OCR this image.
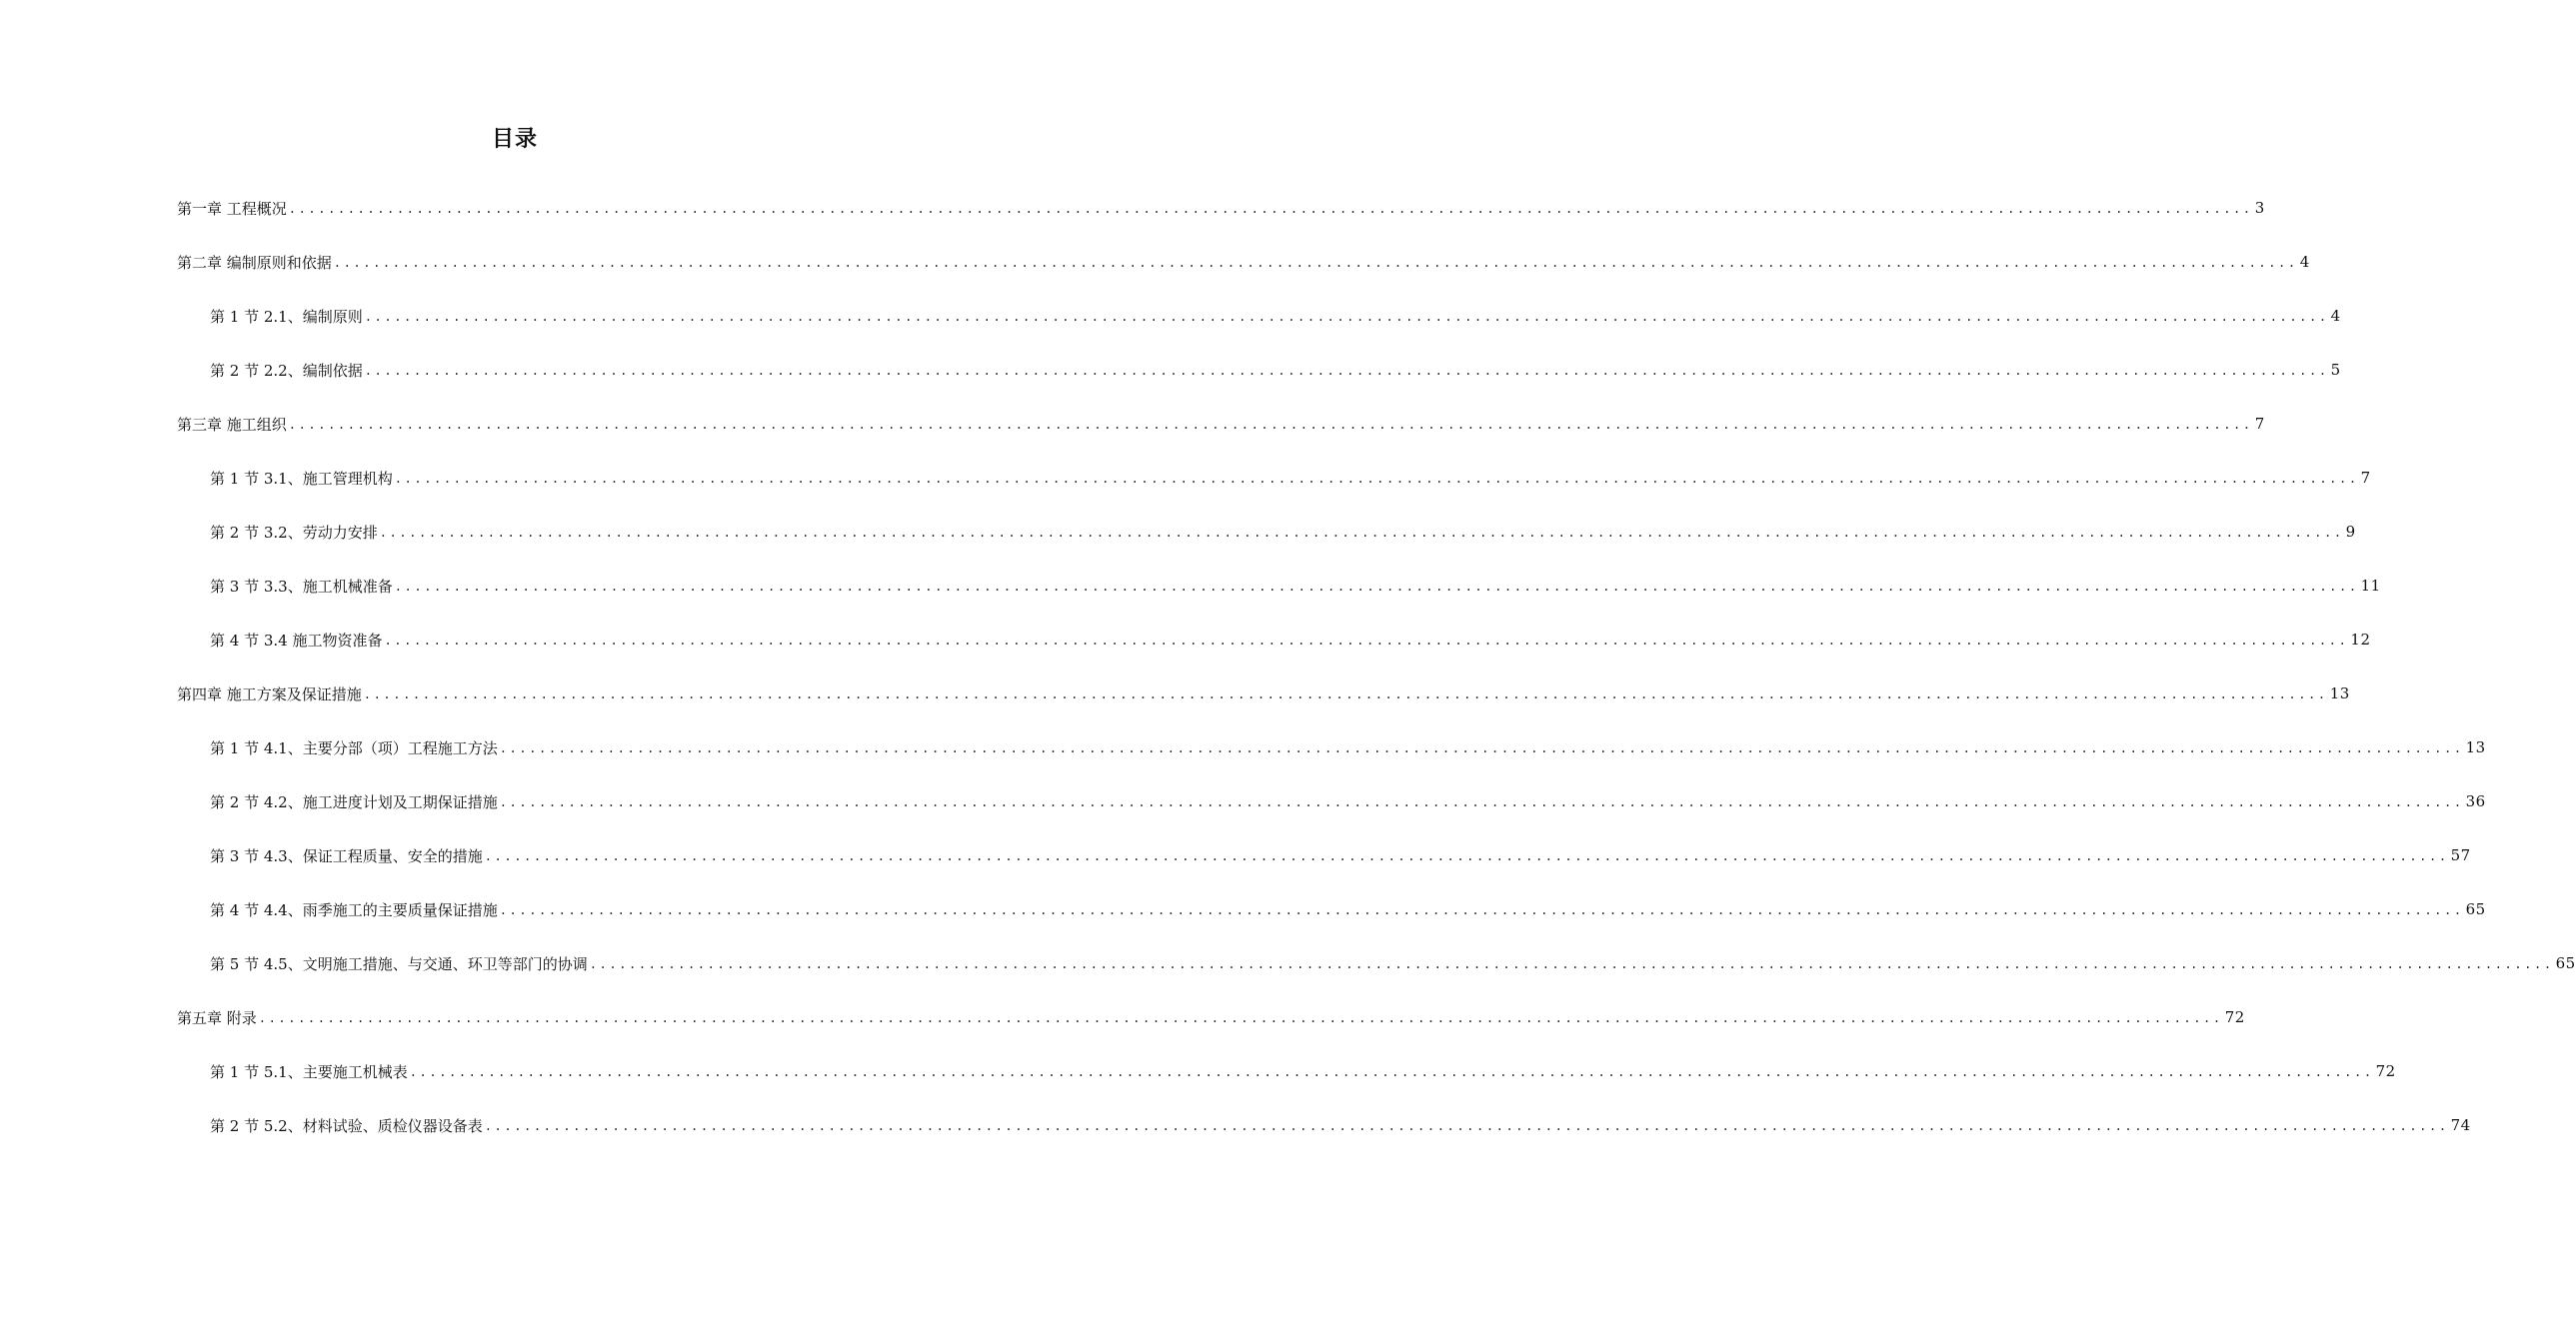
目录
第一章 工程概况 ........................................................................................................................................................................................................ 3
第二章 编制原则和依据 ........................................................................................................................................................................................................ 4
第 1 节 2.1、编制原则 ........................................................................................................................................................................................................ 4
第 2 节 2.2、编制依据 ........................................................................................................................................................................................................ 5
第三章 施工组织 ........................................................................................................................................................................................................ 7
第 1 节 3.1、施工管理机构 ........................................................................................................................................................................................................ 7
第 2 节 3.2、劳动力安排 ........................................................................................................................................................................................................ 9
第 3 节 3.3、施工机械准备 ........................................................................................................................................................................................................ 11
第 4 节 3.4 施工物资准备 ........................................................................................................................................................................................................ 12
第四章 施工方案及保证措施 ........................................................................................................................................................................................................ 13
第 1 节 4.1、主要分部（项）工程施工方法 ........................................................................................................................................................................................................ 13
第 2 节 4.2、施工进度计划及工期保证措施 ........................................................................................................................................................................................................ 36
第 3 节 4.3、保证工程质量、安全的措施 ........................................................................................................................................................................................................ 57
第 4 节 4.4、雨季施工的主要质量保证措施 ........................................................................................................................................................................................................ 65
第 5 节 4.5、文明施工措施、与交通、环卫等部门的协调 ........................................................................................................................................................................................................ 65
第五章 附录 ........................................................................................................................................................................................................ 72
第 1 节 5.1、主要施工机械表 ........................................................................................................................................................................................................ 72
第 2 节 5.2、材料试验、质检仪器设备表 ........................................................................................................................................................................................................ 74
